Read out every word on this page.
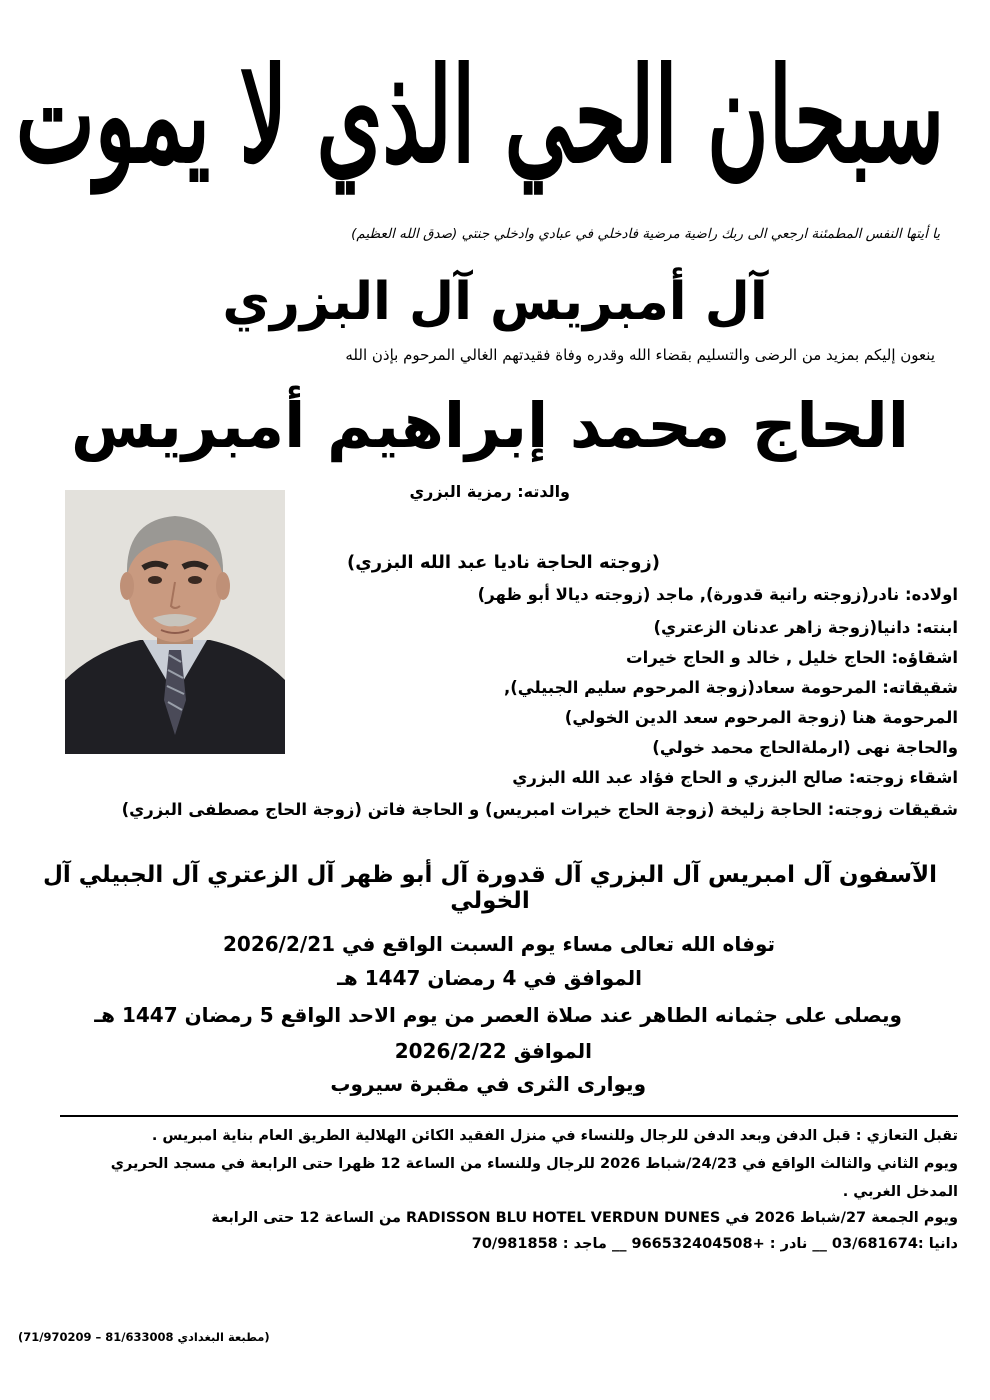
سبحان الحي الذي لا يموت
يا أيتها النفس المطمئنة ارجعي الى ربك راضية مرضية فادخلي في عبادي وادخلي جنتي (صدق الله العظيم)
آل أمبريس آل البزري
ينعون إليكم بمزيد من الرضى والتسليم بقضاء الله وقدره وفاة فقيدتهم الغالي المرحوم بإذن الله
الحاج محمد إبراهيم أمبريس
والدته: رمزية البزري
(زوجته الحاجة ناديا عبد الله البزري)
اولاده: نادر(زوجته رانية قدورة), ماجد (زوجته ديالا أبو ظهر)
ابنته: دانيا(زوجة زاهر عدنان الزعتري)
اشقاؤه: الحاج خليل , خالد و الحاج خيرات
شقيقاته: المرحومة سعاد(زوجة المرحوم سليم الجبيلي),
المرحومة هنا (زوجة المرحوم سعد الدين الخولي)
والحاجة نهى (ارملةالحاج محمد خولي)
اشقاء زوجته: صالح البزري و الحاج فؤاد عبد الله البزري
شقيقات زوجته: الحاجة زليخة (زوجة الحاج خيرات امبريس) و الحاجة فاتن (زوجة الحاج مصطفى البزري)
الآسفون آل امبريس آل البزري آل قدورة آل أبو ظهر آل الزعتري آل الجبيلي آل الخولي
توفاه الله تعالى مساء يوم السبت الواقع في 2026/2/21
الموافق في 4 رمضان 1447 هـ
ويصلى على جثمانه الطاهر عند صلاة العصر من يوم الاحد الواقع 5 رمضان 1447 هـ
الموافق 2026/2/22
ويوارى الثرى في مقبرة سيروب
تقبل التعازي : قبل الدفن وبعد الدفن للرجال وللنساء في منزل الفقيد الكائن الهلالية الطريق العام بناية امبريس .
ويوم الثاني والثالث الواقع في 24/23/شباط 2026 للرجال وللنساء من الساعة 12 ظهرا حتى الرابعة في مسجد الحريري
المدخل الغربي .
ويوم الجمعة 27/شباط 2026 في RADISSON BLU HOTEL VERDUN DUNES من الساعة 12 حتى الرابعة
دانيا :03/681674 __ نادر : +966532404508 __ ماجد : 70/981858
(مطبعة البغدادي 81/633008 – 71/970209)
